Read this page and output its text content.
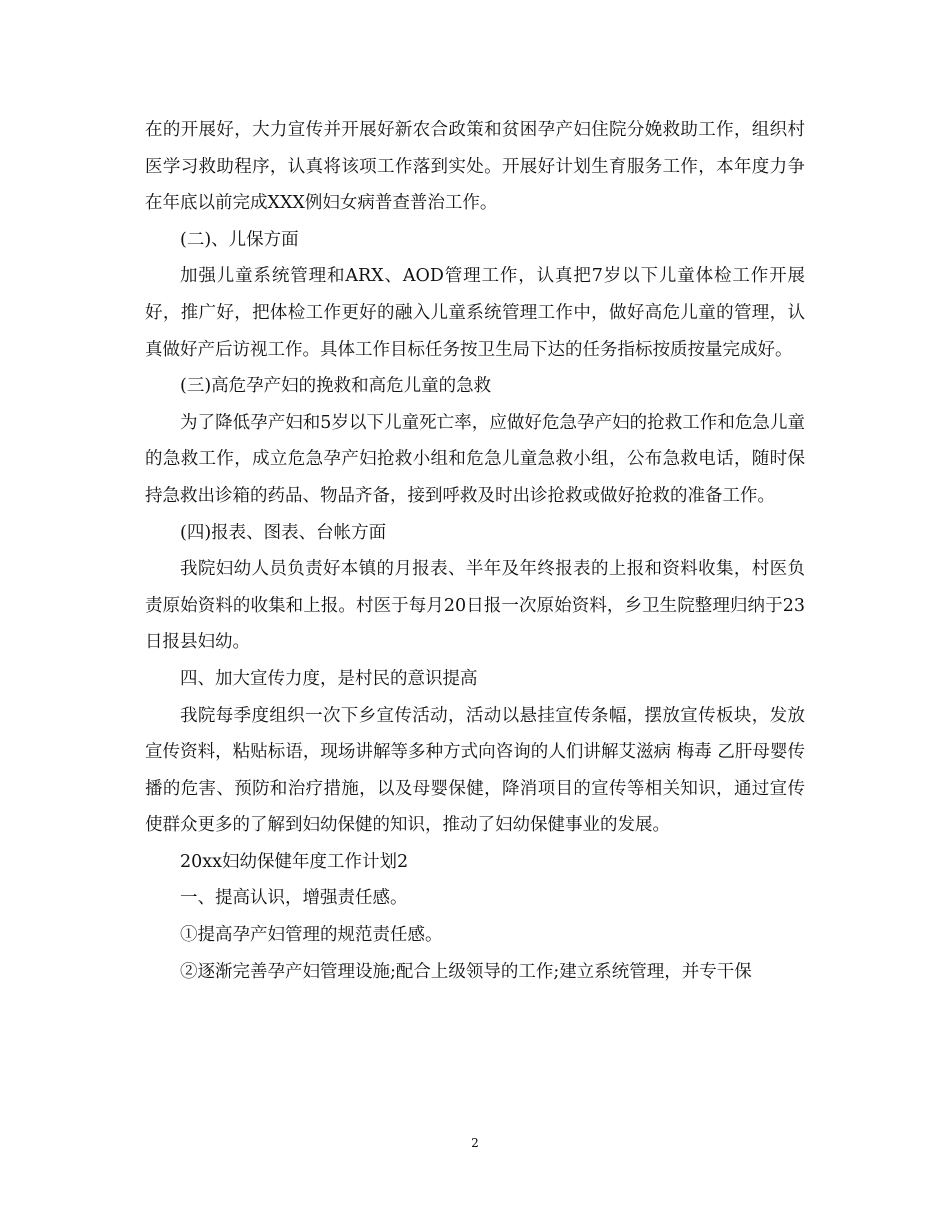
在的开展好，大力宣传并开展好新农合政策和贫困孕产妇住院分娩救助工作，组织村医学习救助程序，认真将该项工作落到实处。开展好计划生育服务工作，本年度力争在年底以前完成XXX例妇女病普查普治工作。

(二)、儿保方面

加强儿童系统管理和ARX、AOD管理工作，认真把7岁以下儿童体检工作开展好，推广好，把体检工作更好的融入儿童系统管理工作中，做好高危儿童的管理，认真做好产后访视工作。具体工作目标任务按卫生局下达的任务指标按质按量完成好。

(三)高危孕产妇的挽救和高危儿童的急救

为了降低孕产妇和5岁以下儿童死亡率，应做好危急孕产妇的抢救工作和危急儿童的急救工作，成立危急孕产妇抢救小组和危急儿童急救小组，公布急救电话，随时保持急救出诊箱的药品、物品齐备，接到呼救及时出诊抢救或做好抢救的准备工作。

(四)报表、图表、台帐方面

我院妇幼人员负责好本镇的月报表、半年及年终报表的上报和资料收集，村医负责原始资料的收集和上报。村医于每月20日报一次原始资料，乡卫生院整理归纳于23日报县妇幼。

四、加大宣传力度，是村民的意识提高

我院每季度组织一次下乡宣传活动，活动以悬挂宣传条幅，摆放宣传板块，发放宣传资料，粘贴标语，现场讲解等多种方式向咨询的人们讲解艾滋病 梅毒 乙肝母婴传播的危害、预防和治疗措施，以及母婴保健，降消项目的宣传等相关知识，通过宣传使群众更多的了解到妇幼保健的知识，推动了妇幼保健事业的发展。

20xx妇幼保健年度工作计划2

一、提高认识，增强责任感。

①提高孕产妇管理的规范责任感。

②逐渐完善孕产妇管理设施;配合上级领导的工作;建立系统管理，并专干保

2
